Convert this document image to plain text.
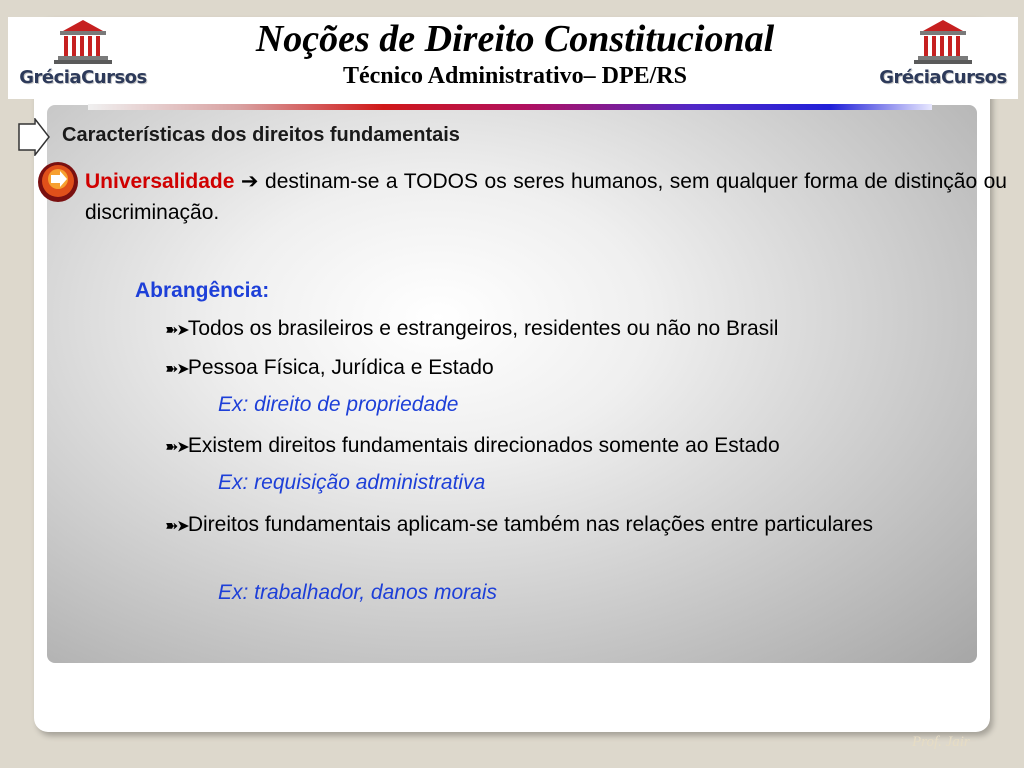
GréciaCursos	GréciaCursos
Noções de Direito Constitucional
Técnico Administrativo– DPE/RS
Características dos direitos fundamentais
Universalidade ➔ destinam-se a TODOS os seres humanos, sem qualquer forma de distinção ou discriminação.
Abrangência:
➽➤Todos os brasileiros e estrangeiros, residentes ou não no Brasil
➽➤Pessoa Física, Jurídica e Estado
Ex: direito de propriedade
➽➤Existem direitos fundamentais direcionados somente ao Estado
Ex: requisição administrativa
➽➤Direitos fundamentais aplicam-se também nas relações entre particulares
Ex: trabalhador, danos morais
Prof. Jair
